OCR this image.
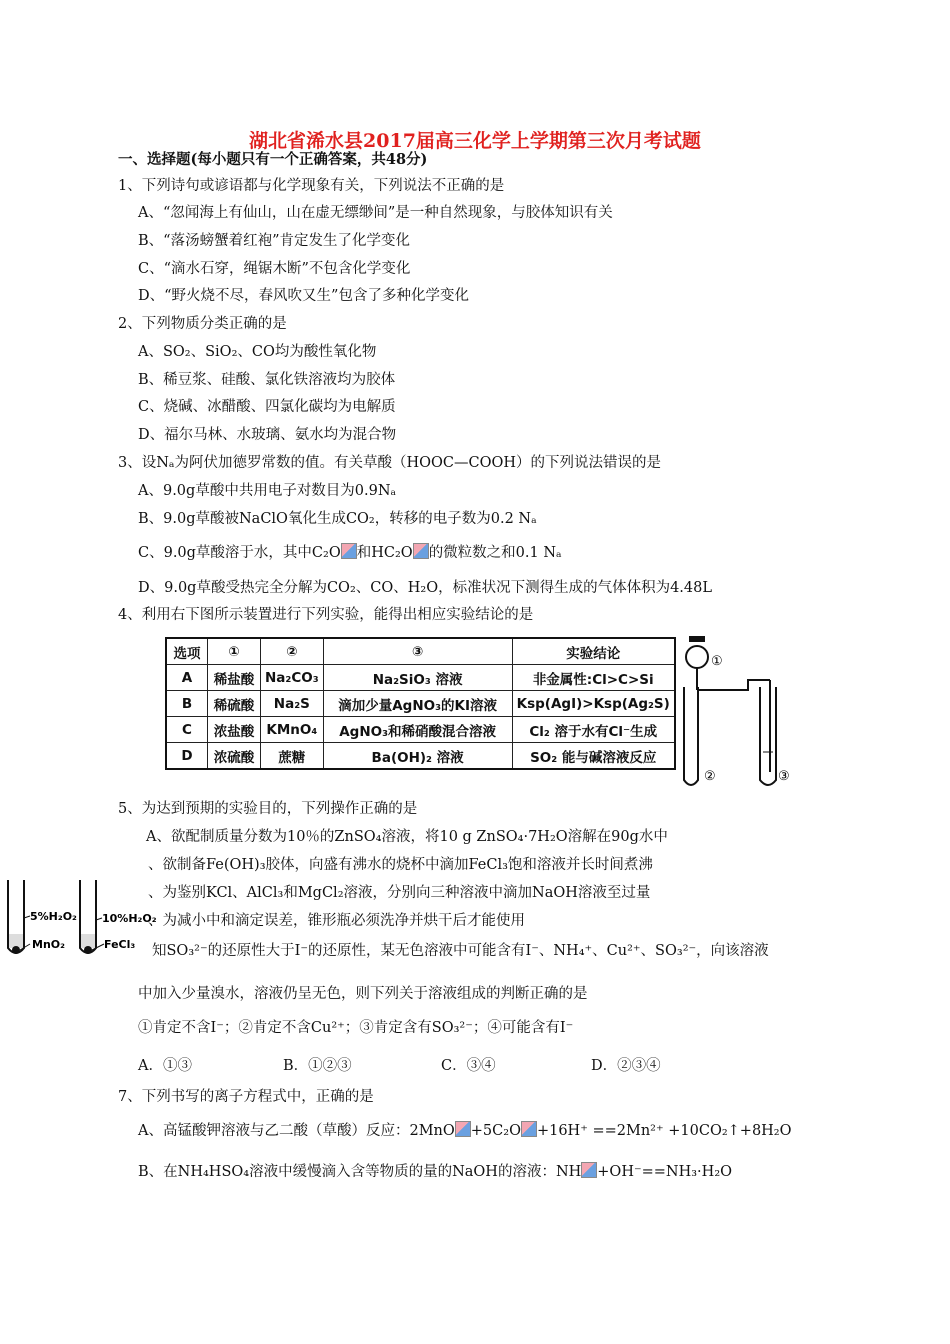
湖北省浠水县2017届高三化学上学期第三次月考试题
一、选择题(每小题只有一个正确答案，共48分)
1、下列诗句或谚语都与化学现象有关，下列说法不正确的是
A、“忽闻海上有仙山，山在虚无缥缈间”是一种自然现象，与胶体知识有关
B、“落汤螃蟹着红袍”肯定发生了化学变化
C、“滴水石穿，绳锯木断”不包含化学变化
D、“野火烧不尽，春风吹又生”包含了多种化学变化
2、下列物质分类正确的是
A、SO₂、SiO₂、CO均为酸性氧化物
B、稀豆浆、硅酸、氯化铁溶液均为胶体
C、烧碱、冰醋酸、四氯化碳均为电解质
D、福尔马林、水玻璃、氨水均为混合物
3、设Nₐ为阿伏加德罗常数的值。有关草酸（HOOC—COOH）的下列说法错误的是
A、9.0g草酸中共用电子对数目为0.9Nₐ
B、9.0g草酸被NaClO氧化生成CO₂，转移的电子数为0.2 Nₐ
C、9.0g草酸溶于水，其中C₂O 和HC₂O 的微粒数之和0.1 Nₐ
D、9.0g草酸受热完全分解为CO₂、CO、H₂O，标准状况下测得生成的气体体积为4.48L
4、利用右下图所示装置进行下列实验，能得出相应实验结论的是
选项	①	②	③	实验结论
A	稀盐酸	Na₂CO₃	Na₂SiO₃ 溶液	非金属性:Cl>C>Si
B	稀硫酸	Na₂S	滴加少量AgNO₃的KI溶液	Ksp(AgI)>Ksp(Ag₂S)
C	浓盐酸	KMnO₄	AgNO₃和稀硝酸混合溶液	Cl₂ 溶于水有Cl⁻生成
D	浓硫酸	蔗糖	Ba(OH)₂ 溶液	SO₂ 能与碱溶液反应
①
②	③
5、为达到预期的实验目的，下列操作正确的是
A、欲配制质量分数为10％的ZnSO₄溶液，将10 g ZnSO₄·7H₂O溶解在90g水中
、欲制备Fe(OH)₃胶体，向盛有沸水的烧杯中滴加FeCl₃饱和溶液并长时间煮沸
、为鉴别KCl、AlCl₃和MgCl₂溶液，分别向三种溶液中滴加NaOH溶液至过量
、为减小中和滴定误差，锥形瓶必须洗净并烘干后才能使用
5%H₂O₂
MnO₂
10%H₂O₂
FeCl₃ 知SO₃²⁻的还原性大于I⁻的还原性，某无色溶液中可能含有I⁻、NH₄⁺、Cu²⁺、SO₃²⁻，向该溶液
中加入少量溴水，溶液仍呈无色，则下列关于溶液组成的判断正确的是
①肯定不含I⁻；②肯定不含Cu²⁺；③肯定含有SO₃²⁻；④可能含有I⁻
A．①③	B．①②③	C．③④	D．②③④
7、下列书写的离子方程式中，正确的是
A、高锰酸钾溶液与乙二酸（草酸）反应：2MnO +5C₂O +16H⁺ ==2Mn²⁺ +10CO₂↑+8H₂O
B、在NH₄HSO₄溶液中缓慢滴入含等物质的量的NaOH的溶液：NH +OH⁻==NH₃·H₂O
